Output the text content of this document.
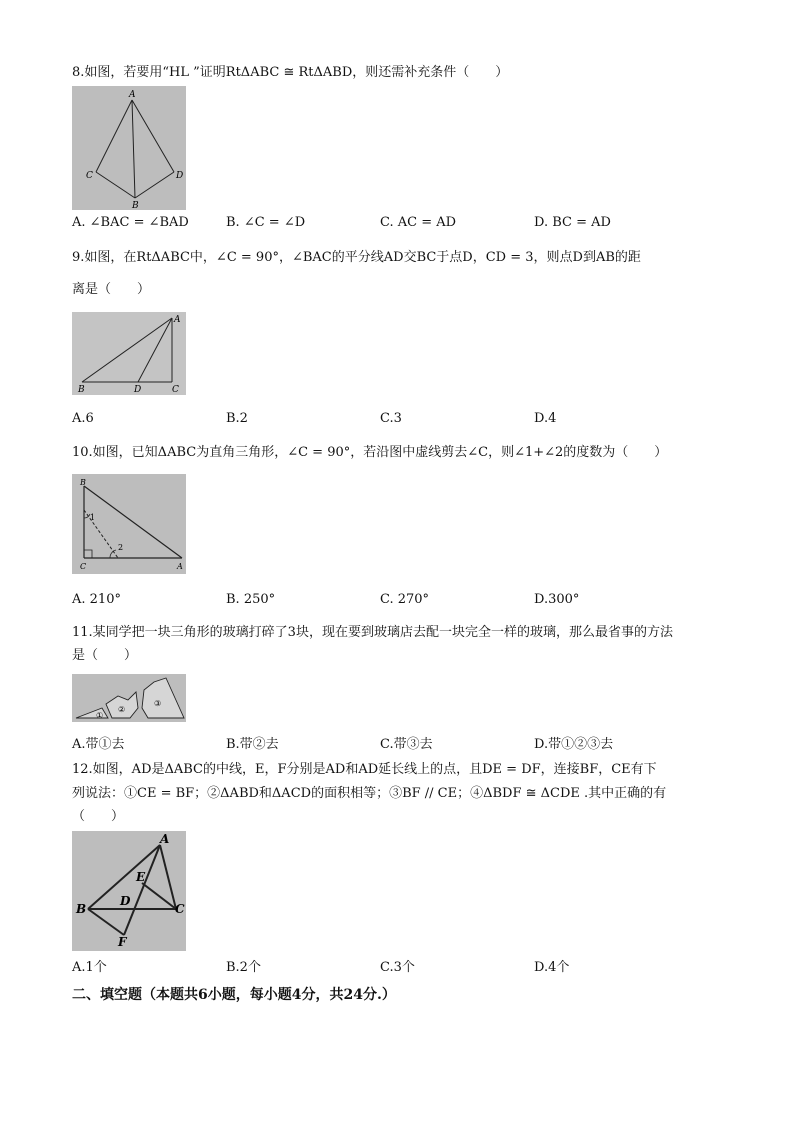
8.如图，若要用“HL ”证明RtΔABC ≅ RtΔABD，则还需补充条件（　　）
A
C
B
D
A. ∠BAC = ∠BAD	B. ∠C = ∠D	C. AC = AD	D. BC = AD
9.如图，在RtΔABC中，∠C = 90°，∠BAC的平分线AD交BC于点D，CD = 3，则点D到AB的距
离是（　　）
A
B	D	C
A.6	B.2	C.3	D.4
10.如图，已知ΔABC为直角三角形，∠C = 90°，若沿图中虚线剪去∠C，则∠1+∠2的度数为（　　）
B
1
2
C	A
A. 210°	B. 250°	C. 270°	D.300°
11.某同学把一块三角形的玻璃打碎了3块，现在要到玻璃店去配一块完全一样的玻璃，那么最省事的方法
是（　　）
①
②
③
A.带①去	B.带②去	C.带③去	D.带①②③去
12.如图，AD是ΔABC的中线，E，F分别是AD和AD延长线上的点，且DE = DF，连接BF，CE有下
列说法：①CE = BF；②ΔABD和ΔACD的面积相等；③BF // CE；④ΔBDF ≅ ΔCDE .其中正确的有
（　　）
A
E
B
D
C
F
A.1个	B.2个	C.3个	D.4个
二、填空题（本题共6小题，每小题4分，共24分.）
